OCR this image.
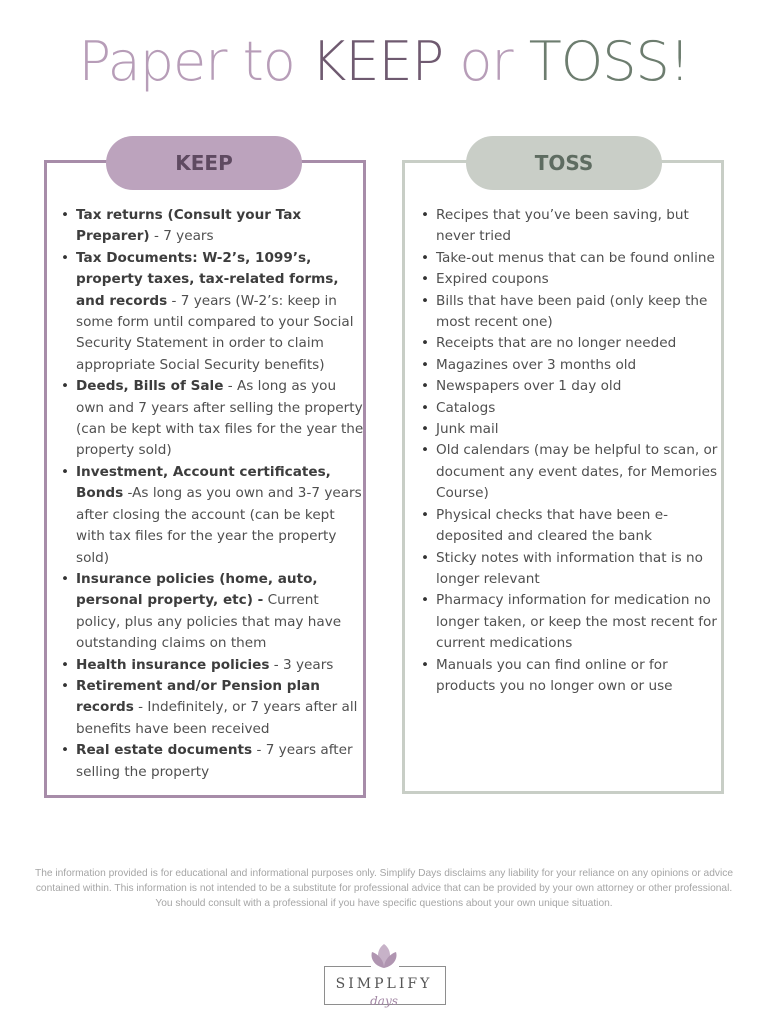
Paper to KEEP or TOSS!
KEEP	TOSS
• Tax returns (Consult your Tax Preparer) - 7 years
• Tax Documents: W-2’s, 1099’s, property taxes, tax-related forms, and records - 7 years (W-2’s: keep in some form until compared to your Social Security Statement in order to claim appropriate Social Security benefits)
• Deeds, Bills of Sale - As long as you own and 7 years after selling the property (can be kept with tax files for the year the property sold)
• Investment, Account certificates, Bonds -As long as you own and 3-7 years after closing the account (can be kept with tax files for the year the property sold)
• Insurance policies (home, auto, personal property, etc) - Current policy, plus any policies that may have outstanding claims on them
• Health insurance policies - 3 years
• Retirement and/or Pension plan records - Indefinitely, or 7 years after all benefits have been received
• Real estate documents - 7 years after selling the property
• Recipes that you’ve been saving, but never tried
• Take-out menus that can be found online
• Expired coupons
• Bills that have been paid (only keep the most recent one)
• Receipts that are no longer needed
• Magazines over 3 months old
• Newspapers over 1 day old
• Catalogs
• Junk mail
• Old calendars (may be helpful to scan, or document any event dates, for Memories Course)
• Physical checks that have been e-deposited and cleared the bank
• Sticky notes with information that is no longer relevant
• Pharmacy information for medication no longer taken, or keep the most recent for current medications
• Manuals you can find online or for products you no longer own or use
The information provided is for educational and informational purposes only. Simplify Days disclaims any liability for your reliance on any opinions or advice contained within. This information is not intended to be a substitute for professional advice that can be provided by your own attorney or other professional. You should consult with a professional if you have specific questions about your own unique situation.
SIMPLIFY
days
